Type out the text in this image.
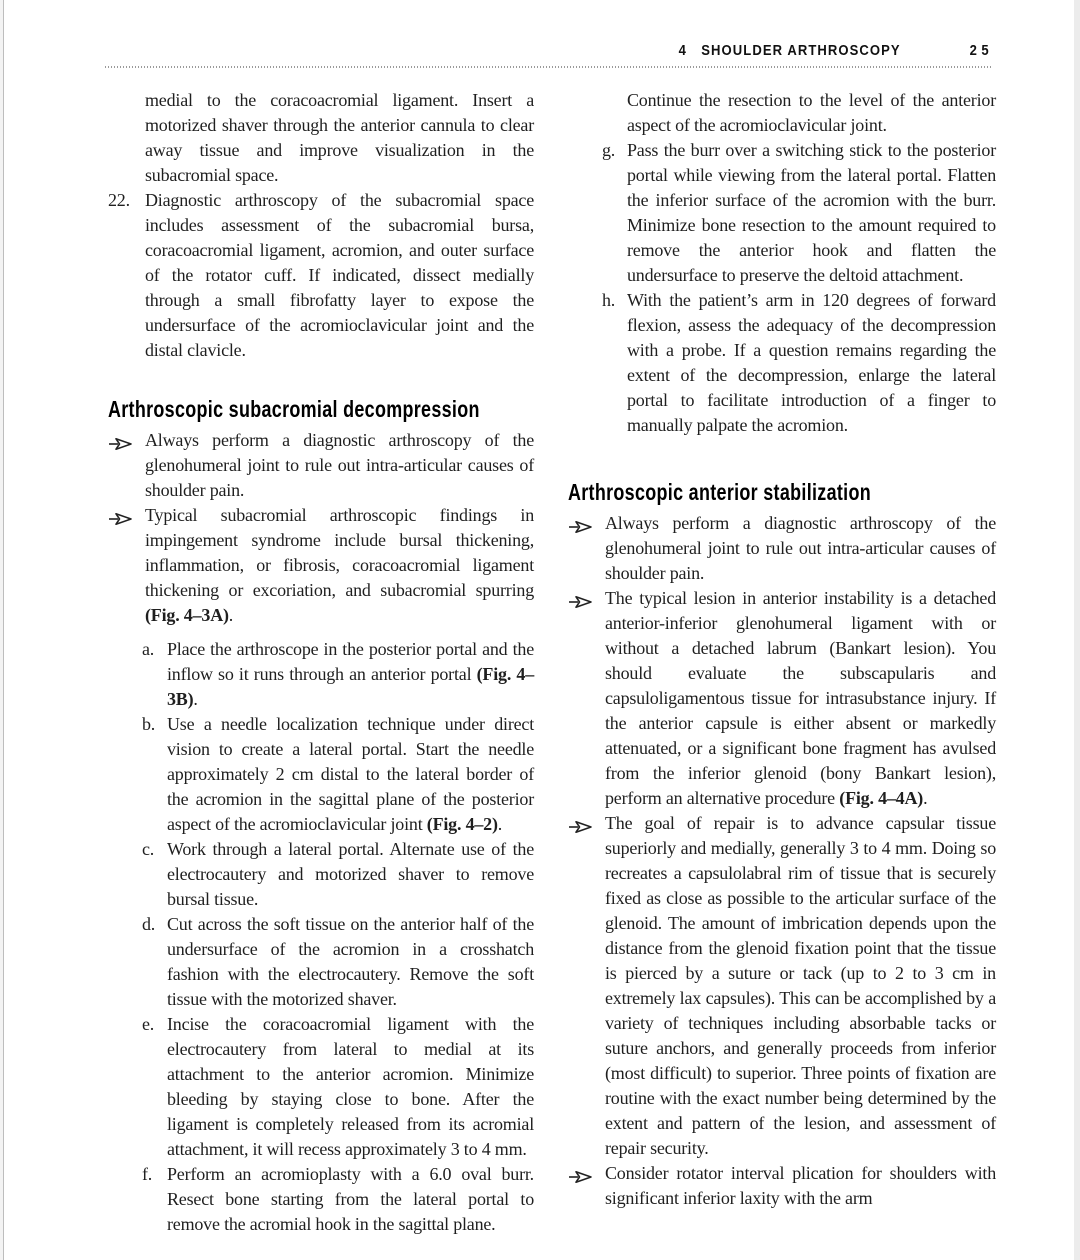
4 SHOULDER ARTHROSCOPY	25

medial to the coracoacromial ligament. Insert a motorized shaver through the anterior cannula to clear away tissue and improve visualization in the subacromial space.

22. Diagnostic arthroscopy of the subacromial space includes assessment of the subacromial bursa, coracoacromial ligament, acromion, and outer surface of the rotator cuff. If indicated, dissect medially through a small fibrofatty layer to expose the undersurface of the acromioclavicular joint and the distal clavicle.
Arthroscopic subacromial decompression
Always perform a diagnostic arthroscopy of the glenohumeral joint to rule out intra-articular causes of shoulder pain.
Typical subacromial arthroscopic findings in impingement syndrome include bursal thickening, inflammation, or fibrosis, coracoacromial ligament thickening or excoriation, and subacromial spurring (Fig. 4–3A).
a. Place the arthroscope in the posterior portal and the inflow so it runs through an anterior portal (Fig. 4–3B).
b. Use a needle localization technique under direct vision to create a lateral portal. Start the needle approximately 2 cm distal to the lateral border of the acromion in the sagittal plane of the posterior aspect of the acromioclavicular joint (Fig. 4–2).
c. Work through a lateral portal. Alternate use of the electrocautery and motorized shaver to remove bursal tissue.
d. Cut across the soft tissue on the anterior half of the undersurface of the acromion in a crosshatch fashion with the electrocautery. Remove the soft tissue with the motorized shaver.
e. Incise the coracoacromial ligament with the electrocautery from lateral to medial at its attachment to the anterior acromion. Minimize bleeding by staying close to bone. After the ligament is completely released from its acromial attachment, it will recess approximately 3 to 4 mm.
f. Perform an acromioplasty with a 6.0 oval burr. Resect bone starting from the lateral portal to remove the acromial hook in the sagittal plane.

Continue the resection to the level of the anterior aspect of the acromioclavicular joint.

g. Pass the burr over a switching stick to the posterior portal while viewing from the lateral portal. Flatten the inferior surface of the acromion with the burr. Minimize bone resection to the amount required to remove the anterior hook and flatten the undersurface to preserve the deltoid attachment.
h. With the patient’s arm in 120 degrees of forward flexion, assess the adequacy of the decompression with a probe. If a question remains regarding the extent of the decompression, enlarge the lateral portal to facilitate introduction of a finger to manually palpate the acromion.
Arthroscopic anterior stabilization
Always perform a diagnostic arthroscopy of the glenohumeral joint to rule out intra-articular causes of shoulder pain.
The typical lesion in anterior instability is a detached anterior-inferior glenohumeral ligament with or without a detached labrum (Bankart lesion). You should evaluate the subscapularis and capsuloligamentous tissue for intrasubstance injury. If the anterior capsule is either absent or markedly attenuated, or a significant bone fragment has avulsed from the inferior glenoid (bony Bankart lesion), perform an alternative procedure (Fig. 4–4A).
The goal of repair is to advance capsular tissue superiorly and medially, generally 3 to 4 mm. Doing so recreates a capsulolabral rim of tissue that is securely fixed as close as possible to the articular surface of the glenoid. The amount of imbrication depends upon the distance from the glenoid fixation point that the tissue is pierced by a suture or tack (up to 2 to 3 cm in extremely lax capsules). This can be accomplished by a variety of techniques including absorbable tacks or suture anchors, and generally proceeds from inferior (most difficult) to superior. Three points of fixation are routine with the exact number being determined by the extent and pattern of the lesion, and assessment of repair security.
Consider rotator interval plication for shoulders with significant inferior laxity with the arm
